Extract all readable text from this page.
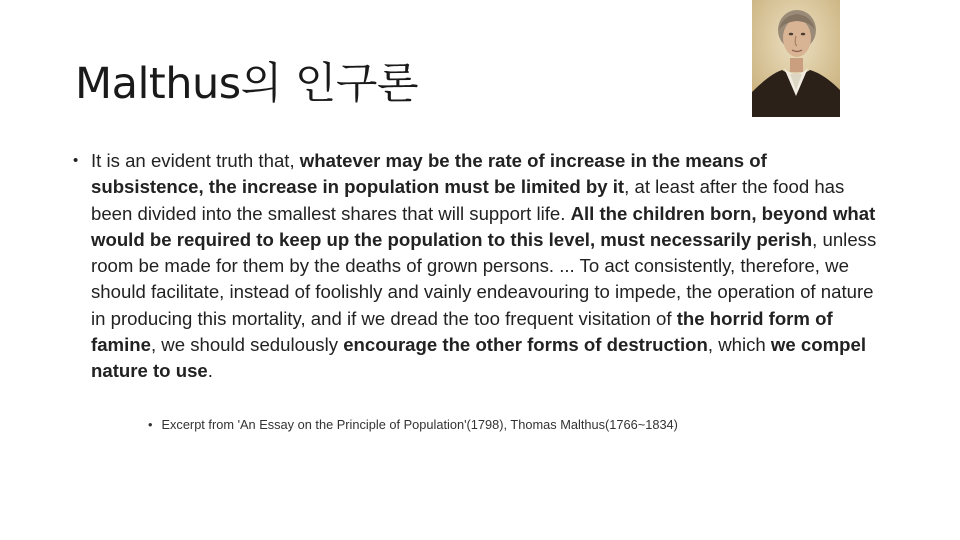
Malthus의 인구론

• It is an evident truth that, whatever may be the rate of increase in the means of subsistence, the increase in population must be limited by it, at least after the food has been divided into the smallest shares that will support life. All the children born, beyond what would be required to keep up the population to this level, must necessarily perish, unless room be made for them by the deaths of grown persons. ... To act consistently, therefore, we should facilitate, instead of foolishly and vainly endeavouring to impede, the operation of nature in producing this mortality, and if we dread the too frequent visitation of the horrid form of famine, we should sedulously encourage the other forms of destruction, which we compel nature to use.

• Excerpt from 'An Essay on the Principle of Population'(1798), Thomas Malthus(1766~1834)
